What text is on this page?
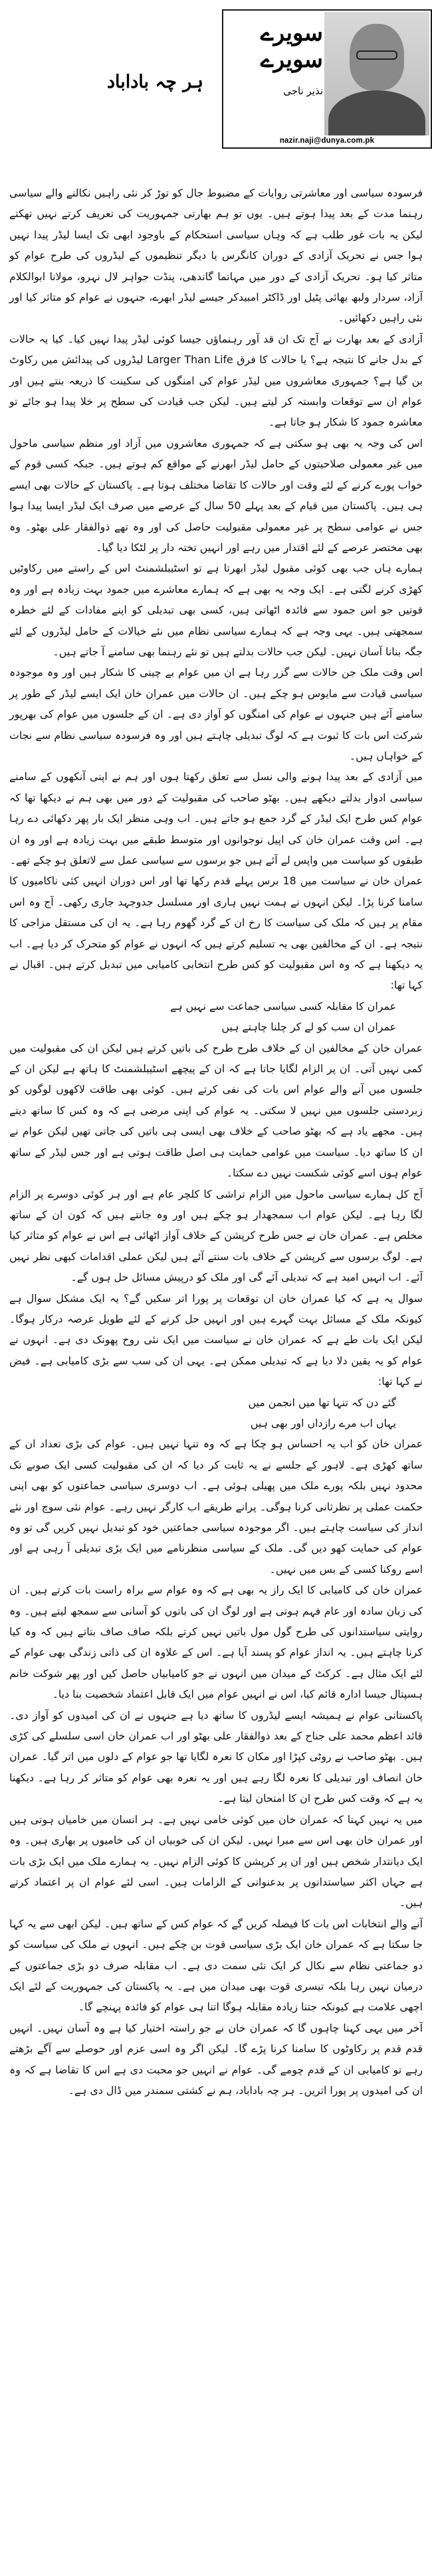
سویرے سویرے
نذیر ناجی
nazir.naji@dunya.com.pk
ہر چہ باداباد

فرسودہ سیاسی اور معاشرتی روایات کے مضبوط جال کو توڑ کر نئی راہیں نکالنے والے سیاسی رہنما مدت کے بعد پیدا ہوتے ہیں۔ یوں تو ہم بھارتی جمہوریت کی تعریف کرتے نہیں تھکتے لیکن یہ بات غور طلب ہے کہ وہاں سیاسی استحکام کے باوجود ابھی تک ایسا لیڈر پیدا نہیں ہوا جس نے تحریک آزادی کے دوران کانگرس یا دیگر تنظیموں کے لیڈروں کی طرح عوام کو متاثر کیا ہو۔ تحریک آزادی کے دور میں مہاتما گاندھی، پنڈت جواہر لال نہرو، مولانا ابوالکلام آزاد، سردار ولبھ بھائی پٹیل اور ڈاکٹر امبیدکر جیسے لیڈر ابھرے، جنہوں نے عوام کو متاثر کیا اور نئی راہیں دکھائیں۔

آزادی کے بعد بھارت نے آج تک ان قد آور رہنماؤں جیسا کوئی لیڈر پیدا نہیں کیا۔ کیا یہ حالات کے بدل جانے کا نتیجہ ہے؟ یا حالات کا فرق Larger Than Life لیڈروں کی پیدائش میں رکاوٹ بن گیا ہے؟ جمہوری معاشروں میں لیڈر عوام کی امنگوں کی سکینت کا ذریعہ بنتے ہیں اور عوام ان سے توقعات وابستہ کر لیتے ہیں۔ لیکن جب قیادت کی سطح پر خلا پیدا ہو جائے تو معاشرہ جمود کا شکار ہو جاتا ہے۔

اس کی وجہ یہ بھی ہو سکتی ہے کہ جمہوری معاشروں میں آزاد اور منظم سیاسی ماحول میں غیر معمولی صلاحیتوں کے حامل لیڈر ابھرنے کے مواقع کم ہوتے ہیں۔ جبکہ کسی قوم کے خواب پورے کرنے کے لئے وقت اور حالات کا تقاضا مختلف ہوتا ہے۔ پاکستان کے حالات بھی ایسے ہی ہیں۔ پاکستان میں قیام کے بعد پہلے 50 سال کے عرصے میں صرف ایک لیڈر ایسا پیدا ہوا جس نے عوامی سطح پر غیر معمولی مقبولیت حاصل کی اور وہ تھے ذوالفقار علی بھٹو۔ وہ بھی مختصر عرصے کے لئے اقتدار میں رہے اور انہیں تختہ دار پر لٹکا دیا گیا۔

ہمارے ہاں جب بھی کوئی مقبول لیڈر ابھرتا ہے تو اسٹیبلشمنٹ اس کے راستے میں رکاوٹیں کھڑی کرنے لگتی ہے۔ ایک وجہ یہ بھی ہے کہ ہمارے معاشرے میں جمود بہت زیادہ ہے اور وہ قوتیں جو اس جمود سے فائدہ اٹھاتی ہیں، کسی بھی تبدیلی کو اپنے مفادات کے لئے خطرہ سمجھتی ہیں۔ یہی وجہ ہے کہ ہمارے سیاسی نظام میں نئے خیالات کے حامل لیڈروں کے لئے جگہ بنانا آسان نہیں۔ لیکن جب حالات بدلتے ہیں تو نئے رہنما بھی سامنے آ جاتے ہیں۔

اس وقت ملک جن حالات سے گزر رہا ہے ان میں عوام بے چینی کا شکار ہیں اور وہ موجودہ سیاسی قیادت سے مایوس ہو چکے ہیں۔ ان حالات میں عمران خان ایک ایسے لیڈر کے طور پر سامنے آئے ہیں جنہوں نے عوام کی امنگوں کو آواز دی ہے۔ ان کے جلسوں میں عوام کی بھرپور شرکت اس بات کا ثبوت ہے کہ لوگ تبدیلی چاہتے ہیں اور وہ فرسودہ سیاسی نظام سے نجات کے خواہاں ہیں۔

میں آزادی کے بعد پیدا ہونے والی نسل سے تعلق رکھتا ہوں اور ہم نے اپنی آنکھوں کے سامنے سیاسی ادوار بدلتے دیکھے ہیں۔ بھٹو صاحب کی مقبولیت کے دور میں بھی ہم نے دیکھا تھا کہ عوام کس طرح ایک لیڈر کے گرد جمع ہو جاتے ہیں۔ اب وہی منظر ایک بار پھر دکھائی دے رہا ہے۔ اس وقت عمران خان کی اپیل نوجوانوں اور متوسط طبقے میں بہت زیادہ ہے اور وہ ان طبقوں کو سیاست میں واپس لے آئے ہیں جو برسوں سے سیاسی عمل سے لاتعلق ہو چکے تھے۔

عمران خان نے سیاست میں 18 برس پہلے قدم رکھا تھا اور اس دوران انہیں کئی ناکامیوں کا سامنا کرنا پڑا۔ لیکن انہوں نے ہمت نہیں ہاری اور مسلسل جدوجہد جاری رکھی۔ آج وہ اس مقام پر ہیں کہ ملک کی سیاست کا رخ ان کے گرد گھوم رہا ہے۔ یہ ان کی مستقل مزاجی کا نتیجہ ہے۔ ان کے مخالفین بھی یہ تسلیم کرتے ہیں کہ انہوں نے عوام کو متحرک کر دیا ہے۔ اب یہ دیکھنا ہے کہ وہ اس مقبولیت کو کس طرح انتخابی کامیابی میں تبدیل کرتے ہیں۔ اقبال نے کہا تھا:

عمران کا مقابلہ کسی سیاسی جماعت سے نہیں ہے

عمران ان سب کو لے کر چلنا چاہتے ہیں

عمران خان کے مخالفین ان کے خلاف طرح طرح کی باتیں کرتے ہیں لیکن ان کی مقبولیت میں کمی نہیں آتی۔ ان پر الزام لگایا جاتا ہے کہ ان کے پیچھے اسٹیبلشمنٹ کا ہاتھ ہے لیکن ان کے جلسوں میں آنے والے عوام اس بات کی نفی کرتے ہیں۔ کوئی بھی طاقت لاکھوں لوگوں کو زبردستی جلسوں میں نہیں لا سکتی۔ یہ عوام کی اپنی مرضی ہے کہ وہ کس کا ساتھ دیتے ہیں۔ مجھے یاد ہے کہ بھٹو صاحب کے خلاف بھی ایسی ہی باتیں کی جاتی تھیں لیکن عوام نے ان کا ساتھ دیا۔ سیاست میں عوامی حمایت ہی اصل طاقت ہوتی ہے اور جس لیڈر کے ساتھ عوام ہوں اسے کوئی شکست نہیں دے سکتا۔

آج کل ہمارے سیاسی ماحول میں الزام تراشی کا کلچر عام ہے اور ہر کوئی دوسرے پر الزام لگا رہا ہے۔ لیکن عوام اب سمجھدار ہو چکے ہیں اور وہ جانتے ہیں کہ کون ان کے ساتھ مخلص ہے۔ عمران خان نے جس طرح کرپشن کے خلاف آواز اٹھائی ہے اس نے عوام کو متاثر کیا ہے۔ لوگ برسوں سے کرپشن کے خلاف بات سنتے آئے ہیں لیکن عملی اقدامات کبھی نظر نہیں آئے۔ اب انہیں امید ہے کہ تبدیلی آئے گی اور ملک کو درپیش مسائل حل ہوں گے۔

سوال یہ ہے کہ کیا عمران خان ان توقعات پر پورا اتر سکیں گے؟ یہ ایک مشکل سوال ہے کیونکہ ملک کے مسائل بہت گہرے ہیں اور انہیں حل کرنے کے لئے طویل عرصہ درکار ہوگا۔ لیکن ایک بات طے ہے کہ عمران خان نے سیاست میں ایک نئی روح پھونک دی ہے۔ انہوں نے عوام کو یہ یقین دلا دیا ہے کہ تبدیلی ممکن ہے۔ یہی ان کی سب سے بڑی کامیابی ہے۔ فیض نے کہا تھا:

گئے دن کہ تنہا تھا میں انجمن میں

یہاں اب مرے رازداں اور بھی ہیں

عمران خان کو اب یہ احساس ہو چکا ہے کہ وہ تنہا نہیں ہیں۔ عوام کی بڑی تعداد ان کے ساتھ کھڑی ہے۔ لاہور کے جلسے نے یہ ثابت کر دیا کہ ان کی مقبولیت کسی ایک صوبے تک محدود نہیں بلکہ پورے ملک میں پھیلی ہوئی ہے۔ اب دوسری سیاسی جماعتوں کو بھی اپنی حکمت عملی پر نظرثانی کرنا ہوگی۔ پرانے طریقے اب کارگر نہیں رہے۔ عوام نئی سوچ اور نئے انداز کی سیاست چاہتے ہیں۔ اگر موجودہ سیاسی جماعتیں خود کو تبدیل نہیں کریں گی تو وہ عوام کی حمایت کھو دیں گی۔ ملک کے سیاسی منظرنامے میں ایک بڑی تبدیلی آ رہی ہے اور اسے روکنا کسی کے بس میں نہیں۔

عمران خان کی کامیابی کا ایک راز یہ بھی ہے کہ وہ عوام سے براہ راست بات کرتے ہیں۔ ان کی زبان سادہ اور عام فہم ہوتی ہے اور لوگ ان کی باتوں کو آسانی سے سمجھ لیتے ہیں۔ وہ روایتی سیاستدانوں کی طرح گول مول باتیں نہیں کرتے بلکہ صاف صاف بتاتے ہیں کہ وہ کیا کرنا چاہتے ہیں۔ یہ انداز عوام کو پسند آیا ہے۔ اس کے علاوہ ان کی ذاتی زندگی بھی عوام کے لئے ایک مثال ہے۔ کرکٹ کے میدان میں انہوں نے جو کامیابیاں حاصل کیں اور پھر شوکت خانم ہسپتال جیسا ادارہ قائم کیا، اس نے انہیں عوام میں ایک قابل اعتماد شخصیت بنا دیا۔

پاکستانی عوام نے ہمیشہ ایسے لیڈروں کا ساتھ دیا ہے جنہوں نے ان کی امیدوں کو آواز دی۔ قائد اعظم محمد علی جناح کے بعد ذوالفقار علی بھٹو اور اب عمران خان اسی سلسلے کی کڑی ہیں۔ بھٹو صاحب نے روٹی کپڑا اور مکان کا نعرہ لگایا تھا جو عوام کے دلوں میں اتر گیا۔ عمران خان انصاف اور تبدیلی کا نعرہ لگا رہے ہیں اور یہ نعرہ بھی عوام کو متاثر کر رہا ہے۔ دیکھنا یہ ہے کہ وقت کس طرح ان کا امتحان لیتا ہے۔

میں یہ نہیں کہتا کہ عمران خان میں کوئی خامی نہیں ہے۔ ہر انسان میں خامیاں ہوتی ہیں اور عمران خان بھی اس سے مبرا نہیں۔ لیکن ان کی خوبیاں ان کی خامیوں پر بھاری ہیں۔ وہ ایک دیانتدار شخص ہیں اور ان پر کرپشن کا کوئی الزام نہیں۔ یہ ہمارے ملک میں ایک بڑی بات ہے جہاں اکثر سیاستدانوں پر بدعنوانی کے الزامات ہیں۔ اسی لئے عوام ان پر اعتماد کرتے ہیں۔

آنے والے انتخابات اس بات کا فیصلہ کریں گے کہ عوام کس کے ساتھ ہیں۔ لیکن ابھی سے یہ کہا جا سکتا ہے کہ عمران خان ایک بڑی سیاسی قوت بن چکے ہیں۔ انہوں نے ملک کی سیاست کو دو جماعتی نظام سے نکال کر ایک نئی سمت دی ہے۔ اب مقابلہ صرف دو بڑی جماعتوں کے درمیان نہیں رہا بلکہ تیسری قوت بھی میدان میں ہے۔ یہ پاکستان کی جمہوریت کے لئے ایک اچھی علامت ہے کیونکہ جتنا زیادہ مقابلہ ہوگا اتنا ہی عوام کو فائدہ پہنچے گا۔

آخر میں یہی کہنا چاہوں گا کہ عمران خان نے جو راستہ اختیار کیا ہے وہ آسان نہیں۔ انہیں قدم قدم پر رکاوٹوں کا سامنا کرنا پڑے گا۔ لیکن اگر وہ اسی عزم اور حوصلے سے آگے بڑھتے رہے تو کامیابی ان کے قدم چومے گی۔ عوام نے انہیں جو محبت دی ہے اس کا تقاضا ہے کہ وہ ان کی امیدوں پر پورا اتریں۔ ہر چہ باداباد، ہم نے کشتی سمندر میں ڈال دی ہے۔
